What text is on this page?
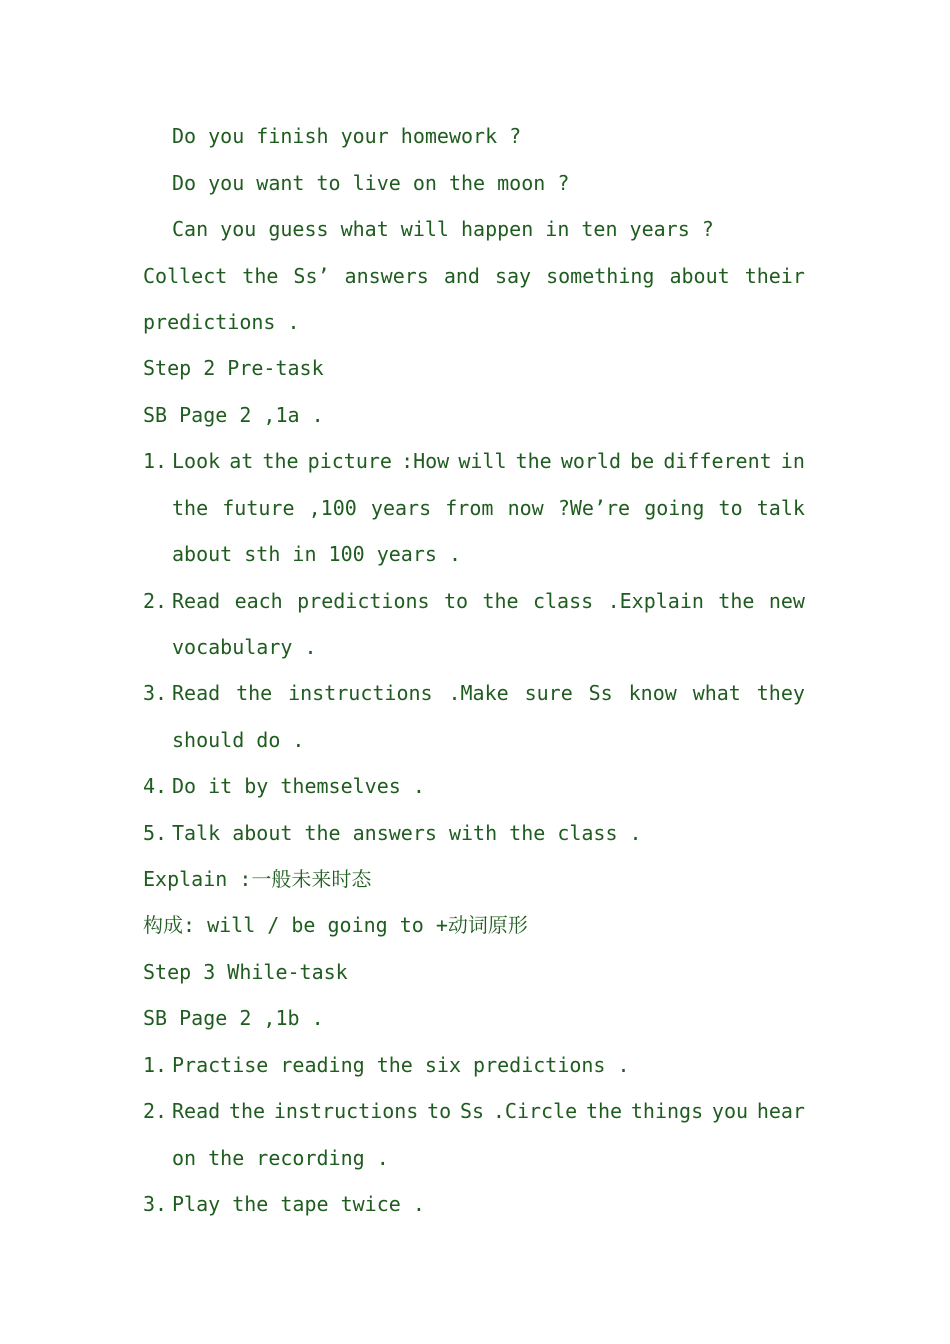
Do you finish your homework ?
Do you want to live on the moon ?
Can you guess what will happen in ten years ?
Collect the Ss’ answers and say something about their
predictions .
Step 2 Pre-task
SB Page 2 ,1a .
1. Look at the picture :How will the world be different in
the future ,100 years from now ?We’re going to talk
about sth in 100 years .
2. Read each predictions to the class .Explain the new
vocabulary .
3. Read the instructions .Make sure Ss know what they
should do .
4. Do it by themselves .
5. Talk about the answers with the class .
Explain :一般未来时态
构成: will / be going to +动词原形
Step 3 While-task
SB Page 2 ,1b .
1. Practise reading the six predictions .
2. Read the instructions to Ss .Circle the things you hear
on the recording .
3. Play the tape twice .
